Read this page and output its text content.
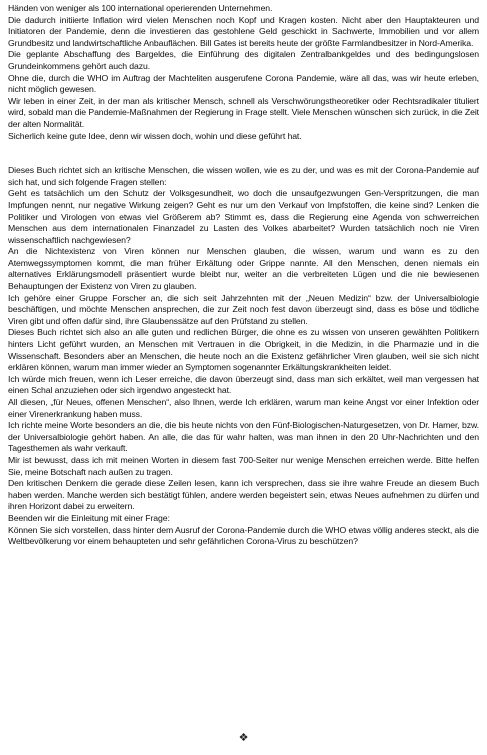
Händen von weniger als 100 international operierenden Unternehmen.

Die dadurch initiierte Inflation wird vielen Menschen noch Kopf und Kragen kosten. Nicht aber den Hauptakteuren und Initiatoren der Pandemie, denn die investieren das gestohlene Geld geschickt in Sachwerte, Immobilien und vor allem Grundbesitz und landwirtschaftliche Anbauflächen. Bill Gates ist bereits heute der größte Farmlandbesitzer in Nord-Amerika.

Die geplante Abschaffung des Bargeldes, die Einführung des digitalen Zentralbankgeldes und des bedingungslosen Grundeinkommens gehört auch dazu.

Ohne die, durch die WHO im Auftrag der Machteliten ausgerufene Corona Pandemie, wäre all das, was wir heute erleben, nicht möglich gewesen.

Wir leben in einer Zeit, in der man als kritischer Mensch, schnell als Verschwörungstheoretiker oder Rechtsradikaler tituliert wird, sobald man die Pandemie-Maßnahmen der Regierung in Frage stellt. Viele Menschen wünschen sich zurück, in die Zeit der alten Normalität.

Sicherlich keine gute Idee, denn wir wissen doch, wohin und diese geführt hat.

Dieses Buch richtet sich an kritische Menschen, die wissen wollen, wie es zu der, und was es mit der Corona-Pandemie auf sich hat, und sich folgende Fragen stellen:

Geht es tatsächlich um den Schutz der Volksgesundheit, wo doch die unsaufgezwungen Gen-Verspritzungen, die man Impfungen nennt, nur negative Wirkung zeigen? Geht es nur um den Verkauf von Impfstoffen, die keine sind? Lenken die Politiker und Virologen von etwas viel Größerem ab? Stimmt es, dass die Regierung eine Agenda von schwerreichen Menschen aus dem internationalen Finanzadel zu Lasten des Volkes abarbeitet? Wurden tatsächlich noch nie Viren wissenschaftlich nachgewiesen?

An die Nichtexistenz von Viren können nur Menschen glauben, die wissen, warum und wann es zu den Atemwegssymptomen kommt, die man früher Erkältung oder Grippe nannte. All den Menschen, denen niemals ein alternatives Erklärungsmodell präsentiert wurde bleibt nur, weiter an die verbreiteten Lügen und die nie bewiesenen Behauptungen der Existenz von Viren zu glauben.

Ich gehöre einer Gruppe Forscher an, die sich seit Jahrzehnten mit der „Neuen Medizin“ bzw. der Universalbiologie beschäftigen, und möchte Menschen ansprechen, die zur Zeit noch fest davon überzeugt sind, dass es böse und tödliche Viren gibt und offen dafür sind, ihre Glaubenssätze auf den Prüfstand zu stellen.

Dieses Buch richtet sich also an alle guten und redlichen Bürger, die ohne es zu wissen von unseren gewählten Politikern hinters Licht geführt wurden, an Menschen mit Vertrauen in die Obrigkeit, in die Medizin, in die Pharmazie und in die Wissenschaft. Besonders aber an Menschen, die heute noch an die Existenz gefährlicher Viren glauben, weil sie sich nicht erklären können, warum man immer wieder an Symptomen sogenannter Erkältungskrankheiten leidet.

Ich würde mich freuen, wenn ich Leser erreiche, die davon überzeugt sind, dass man sich erkältet, weil man vergessen hat einen Schal anzuziehen oder sich irgendwo angesteckt hat.

All diesen, „für Neues, offenen Menschen“, also Ihnen, werde Ich erklären, warum man keine Angst vor einer Infektion oder einer Virenerkrankung haben muss.

Ich richte meine Worte besonders an die, die bis heute nichts von den Fünf-Biologischen-Naturgesetzen, von Dr. Hamer, bzw. der Universalbiologie gehört haben. An alle, die das für wahr halten, was man ihnen in den 20 Uhr-Nachrichten und den Tagesthemen als wahr verkauft.

Mir ist bewusst, dass ich mit meinen Worten in diesem fast 700-Seiter nur wenige Menschen erreichen werde. Bitte helfen Sie, meine Botschaft nach außen zu tragen.

Den kritischen Denkern die gerade diese Zeilen lesen, kann ich versprechen, dass sie ihre wahre Freude an diesem Buch haben werden. Manche werden sich bestätigt fühlen, andere werden begeistert sein, etwas Neues aufnehmen zu dürfen und ihren Horizont dabei zu erweitern.

Beenden wir die Einleitung mit einer Frage:

Können Sie sich vorstellen, dass hinter dem Ausruf der Corona-Pandemie durch die WHO etwas völlig anderes steckt, als die Weltbevölkerung vor einem behaupteten und sehr gefährlichen Corona-Virus zu beschützen?

❖
